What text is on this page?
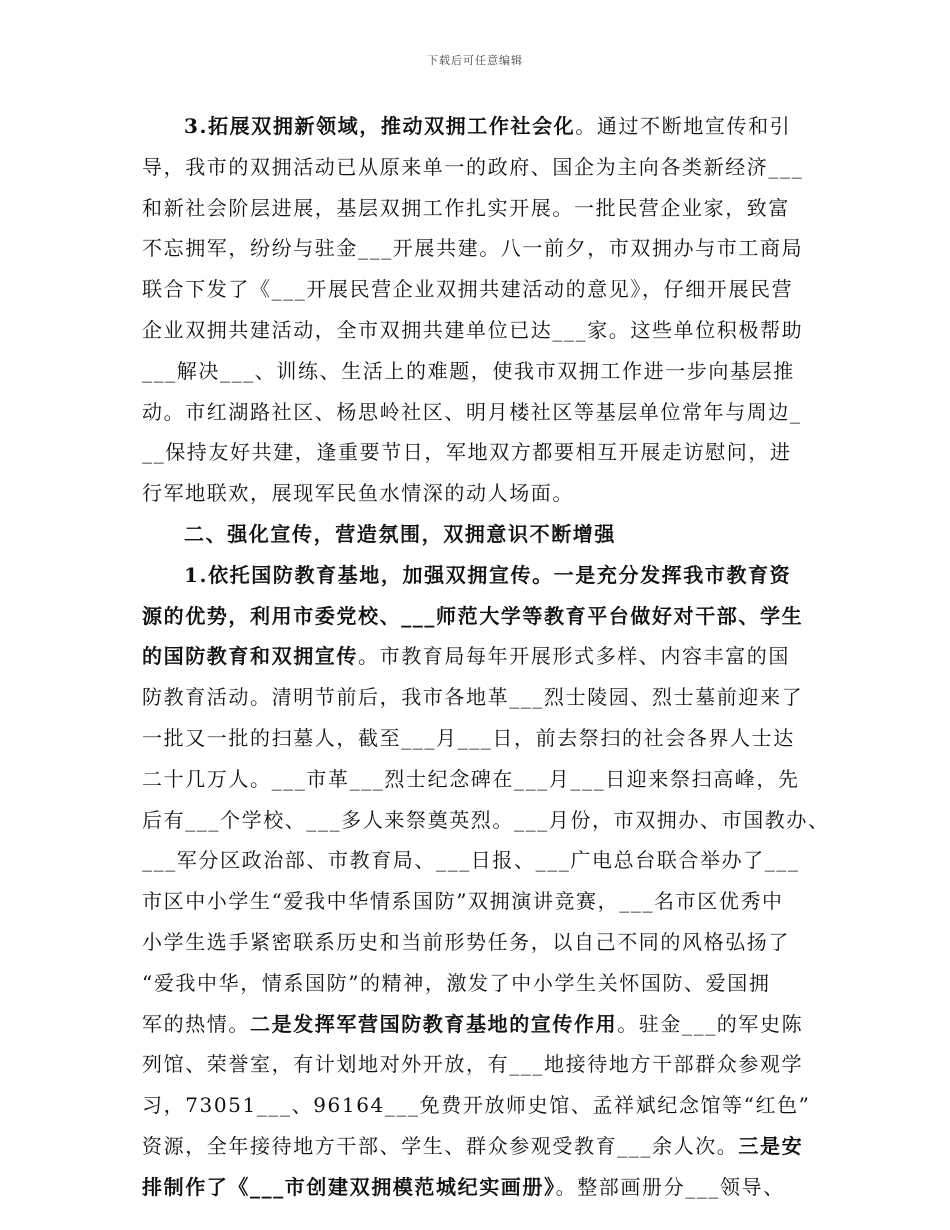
下载后可任意编辑
3.拓展双拥新领域，推动双拥工作社会化。通过不断地宣传和引
导，我市的双拥活动已从原来单一的政府、国企为主向各类新经济___
和新社会阶层进展，基层双拥工作扎实开展。一批民营企业家，致富
不忘拥军，纷纷与驻金___开展共建。八一前夕，市双拥办与市工商局
联合下发了《___开展民营企业双拥共建活动的意见》，仔细开展民营
企业双拥共建活动，全市双拥共建单位已达___家。这些单位积极帮助
___解决___、训练、生活上的难题，使我市双拥工作进一步向基层推
动。市红湖路社区、杨思岭社区、明月楼社区等基层单位常年与周边_
__保持友好共建，逢重要节日，军地双方都要相互开展走访慰问，进
行军地联欢，展现军民鱼水情深的动人场面。
二、强化宣传，营造氛围，双拥意识不断增强
1.依托国防教育基地，加强双拥宣传。一是充分发挥我市教育资
源的优势，利用市委党校、___师范大学等教育平台做好对干部、学生
的国防教育和双拥宣传。市教育局每年开展形式多样、内容丰富的国
防教育活动。清明节前后，我市各地革___烈士陵园、烈士墓前迎来了
一批又一批的扫墓人，截至___月___日，前去祭扫的社会各界人士达
二十几万人。___市革___烈士纪念碑在___月___日迎来祭扫高峰，先
后有___个学校、___多人来祭奠英烈。___月份，市双拥办、市国教办、
___军分区政治部、市教育局、___日报、___广电总台联合举办了___
市区中小学生“爱我中华情系国防”双拥演讲竞赛，___名市区优秀中
小学生选手紧密联系历史和当前形势任务，以自己不同的风格弘扬了
“爱我中华，情系国防”的精神，激发了中小学生关怀国防、爱国拥
军的热情。二是发挥军营国防教育基地的宣传作用。驻金___的军史陈
列馆、荣誉室，有计划地对外开放，有___地接待地方干部群众参观学
习，73051___、96164___免费开放师史馆、孟祥斌纪念馆等“红色”
资源，全年接待地方干部、学生、群众参观受教育___余人次。三是安
排制作了《___市创建双拥模范城纪实画册》。整部画册分___领导、
